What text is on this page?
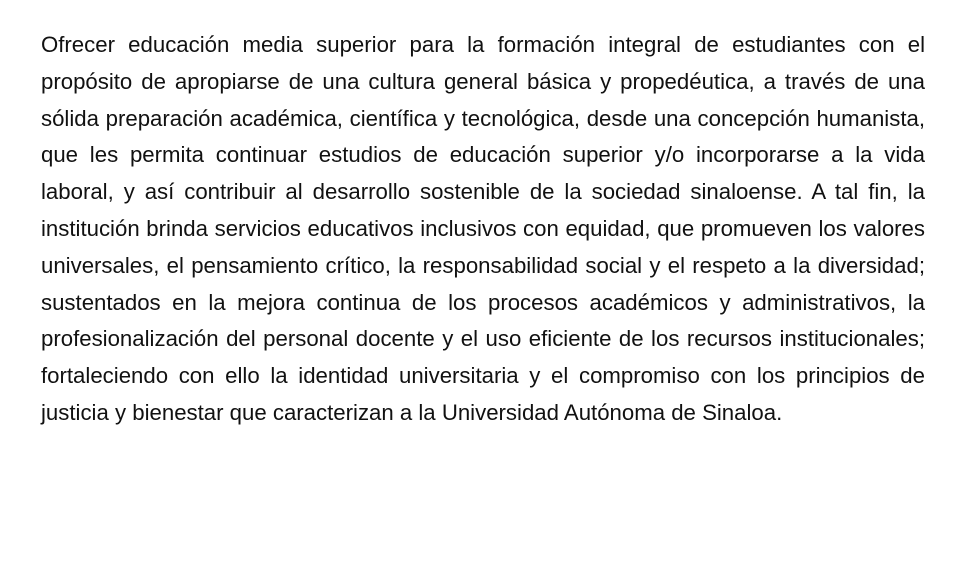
Ofrecer educación media superior para la formación integral de estudiantes con el propósito de apropiarse de una cultura general básica y propedéutica, a través de una sólida preparación académica, científica y tecnológica, desde una concepción humanista, que les permita continuar estudios de educación superior y/o incorporarse a la vida laboral, y así contribuir al desarrollo sostenible de la sociedad sinaloense. A tal fin, la institución brinda servicios educativos inclusivos con equidad, que promueven los valores universales, el pensamiento crítico, la responsabilidad social y el respeto a la diversidad; sustentados en la mejora continua de los procesos académicos y administrativos, la profesionalización del personal docente y el uso eficiente de los recursos institucionales; fortaleciendo con ello la identidad universitaria y el compromiso con los principios de justicia y bienestar que caracterizan a la Universidad Autónoma de Sinaloa.
